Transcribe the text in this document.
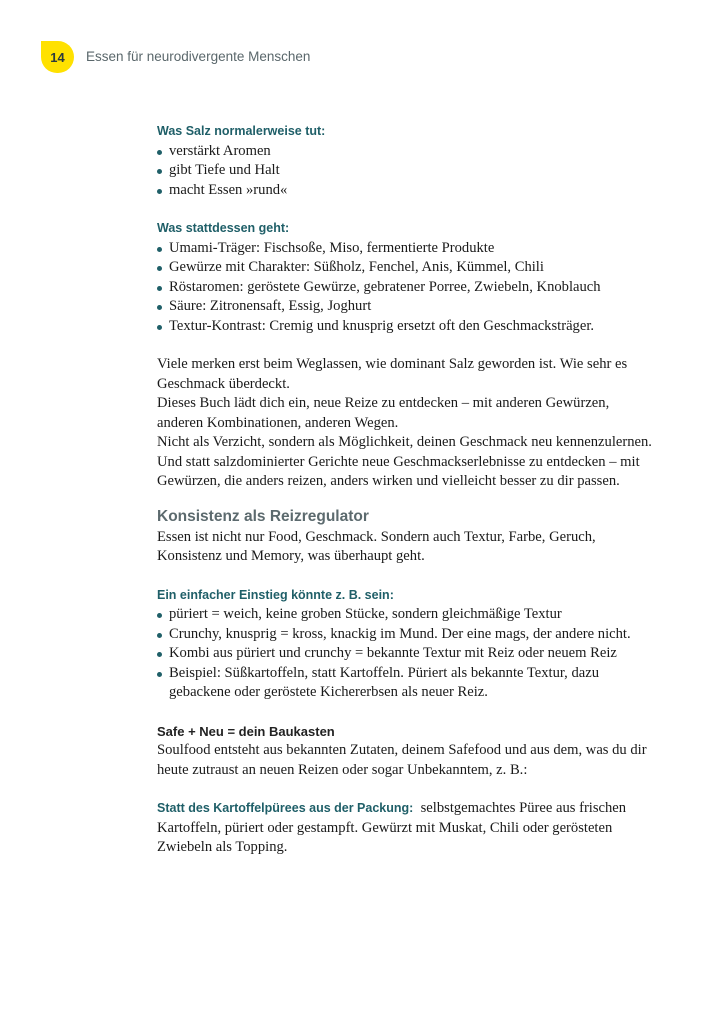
14	Essen für neurodivergente Menschen
Was Salz normalerweise tut:
verstärkt Aromen
gibt Tiefe und Halt
macht Essen »rund«
Was stattdessen geht:
Umami-Träger: Fischsoße, Miso, fermentierte Produkte
Gewürze mit Charakter: Süßholz, Fenchel, Anis, Kümmel, Chili
Röstaromen: geröstete Gewürze, gebratener Porree, Zwiebeln, Knoblauch
Säure: Zitronensaft, Essig, Joghurt
Textur-Kontrast: Cremig und knusprig ersetzt oft den Geschmacksträger.

Viele merken erst beim Weglassen, wie dominant Salz geworden ist. Wie sehr es Geschmack überdeckt.

Dieses Buch lädt dich ein, neue Reize zu entdecken – mit anderen Gewürzen, anderen Kombinationen, anderen Wegen.

Nicht als Verzicht, sondern als Möglichkeit, deinen Geschmack neu kennenzulernen.

Und statt salzdominierter Gerichte neue Geschmackserlebnisse zu entdecken – mit Gewürzen, die anders reizen, anders wirken und vielleicht besser zu dir passen.

Konsistenz als Reizregulator

Essen ist nicht nur Food, Geschmack. Sondern auch Textur, Farbe, Geruch, Konsistenz und Memory, was überhaupt geht.

Ein einfacher Einstieg könnte z. B. sein:
püriert = weich, keine groben Stücke, sondern gleichmäßige Textur
Crunchy, knusprig = kross, knackig im Mund. Der eine mags, der andere nicht.
Kombi aus püriert und crunchy = bekannte Textur mit Reiz oder neuem Reiz
Beispiel: Süßkartoffeln, statt Kartoffeln. Püriert als bekannte Textur, dazu gebackene oder geröstete Kichererbsen als neuer Reiz.
Safe + Neu = dein Baukasten

Soulfood entsteht aus bekannten Zutaten, deinem Safefood und aus dem, was du dir heute zutraust an neuen Reizen oder sogar Unbekanntem, z. B.:

Statt des Kartoffelpürees aus der Packung: selbstgemachtes Püree aus frischen Kartoffeln, püriert oder gestampft. Gewürzt mit Muskat, Chili oder gerösteten Zwiebeln als Topping.
